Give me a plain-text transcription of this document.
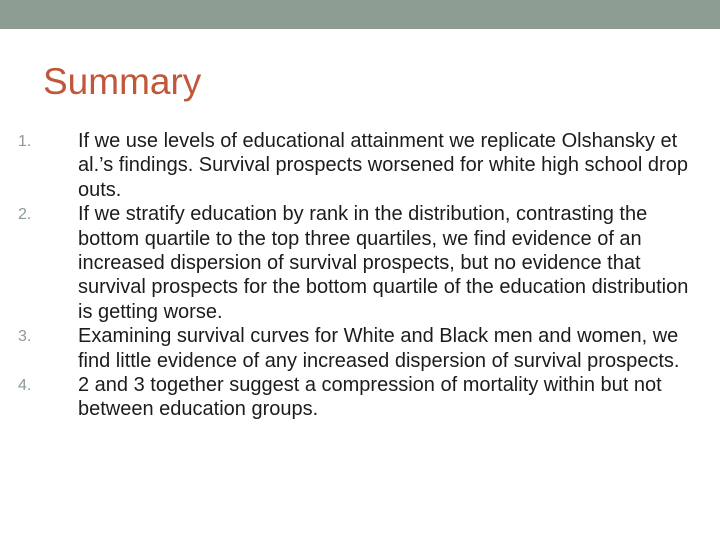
Summary
1.	If we use levels of educational attainment we replicate Olshansky et al.’s findings. Survival prospects worsened for white high school drop outs.
2.	If we stratify education by rank in the distribution, contrasting the bottom quartile to the top three quartiles, we find evidence of an increased dispersion of survival prospects, but no evidence that survival prospects for the bottom quartile of the education distribution is getting worse.
3.	Examining survival curves for White and Black men and women, we find little evidence of any increased dispersion of survival prospects.
4.	2 and 3 together suggest a compression of mortality within but not between education groups.
